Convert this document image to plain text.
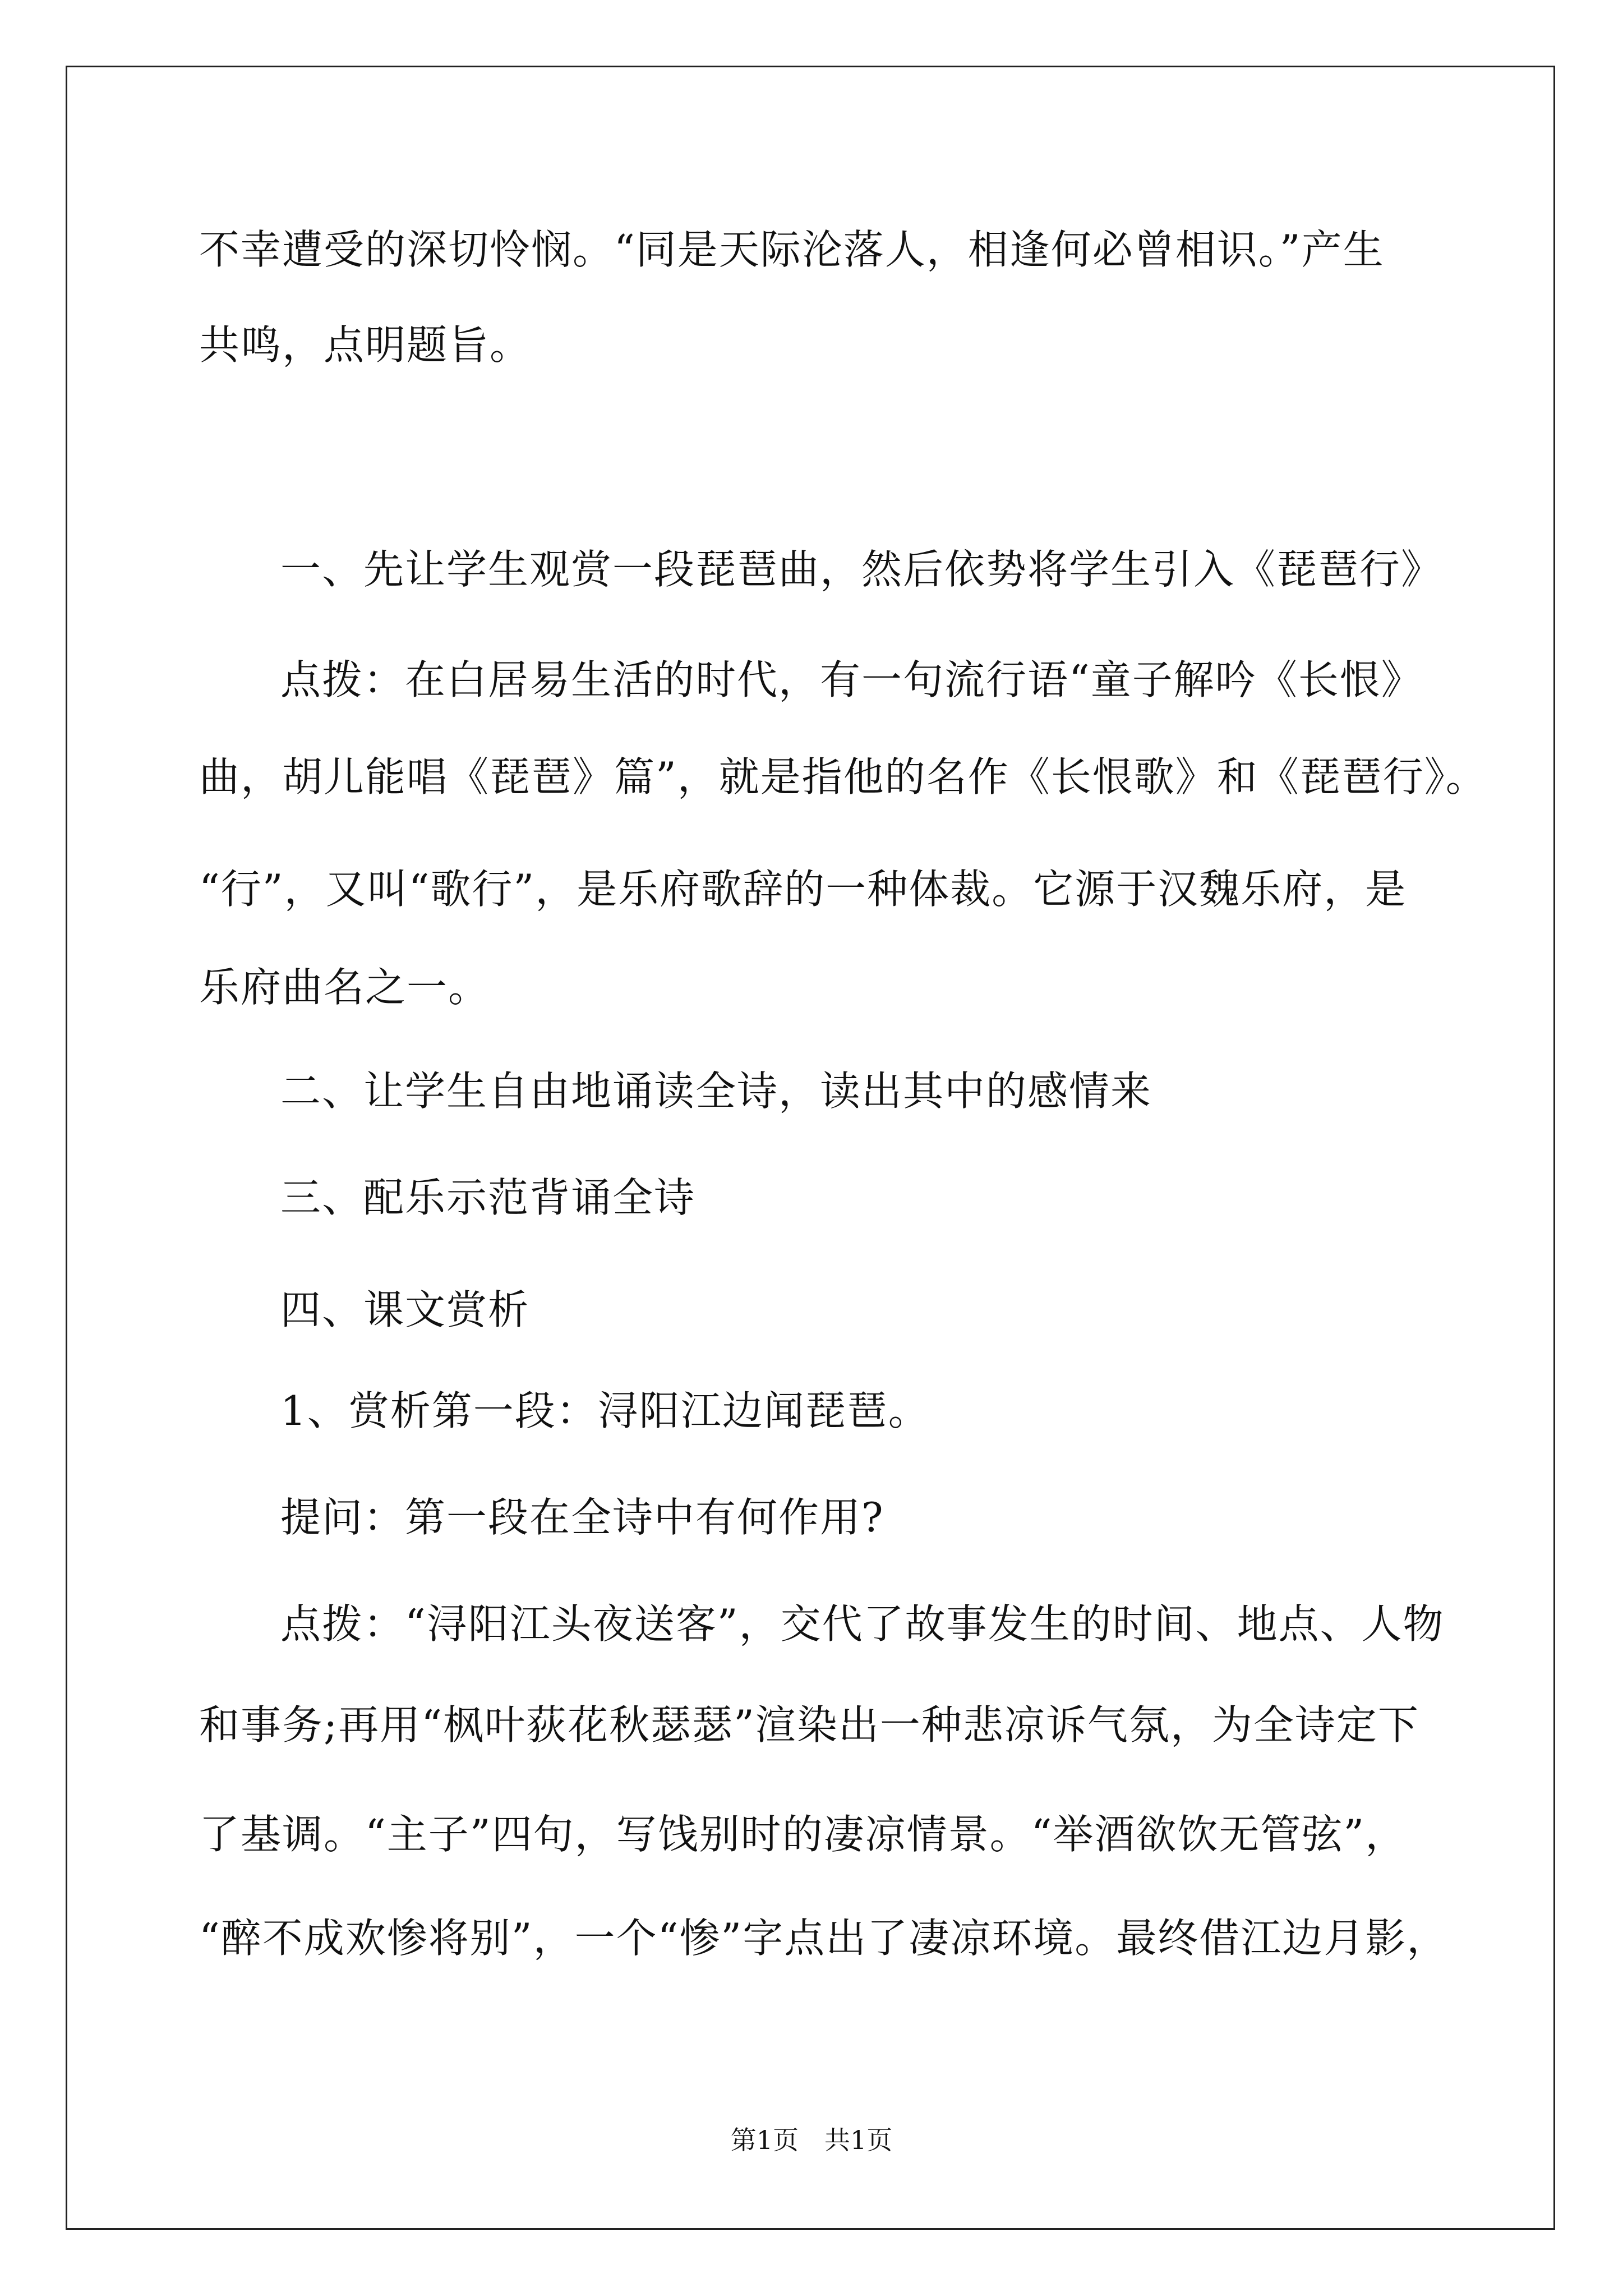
不幸遭受的深切怜悯。“同是天际沦落人，相逢何必曾相识。”产生
共鸣，点明题旨。
一、先让学生观赏一段琵琶曲，然后依势将学生引入《琵琶行》
点拨：在白居易生活的时代，有一句流行语“童子解吟《长恨》
曲，胡儿能唱《琵琶》篇”，就是指他的名作《长恨歌》和《琵琶行》。
“行”，又叫“歌行”，是乐府歌辞的一种体裁。它源于汉魏乐府，是
乐府曲名之一。
二、让学生自由地诵读全诗，读出其中的感情来
三、配乐示范背诵全诗
四、课文赏析
1、赏析第一段：浔阳江边闻琵琶。
提问：第一段在全诗中有何作用?
点拨：“浔阳江头夜送客”，交代了故事发生的时间、地点、人物
和事务;再用“枫叶荻花秋瑟瑟”渲染出一种悲凉诉气氛，为全诗定下
了基调。“主子”四句，写饯别时的凄凉情景。“举酒欲饮无管弦”，
“醉不成欢惨将别”，一个“惨”字点出了凄凉环境。最终借江边月影，
第1页　共1页
